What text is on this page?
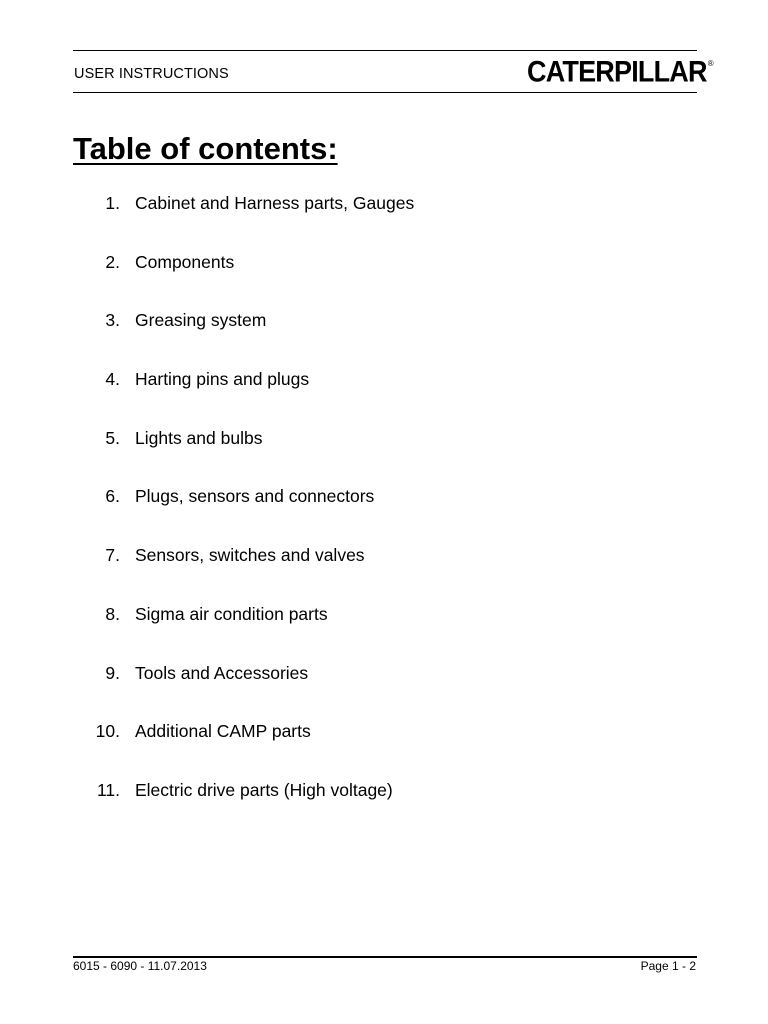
USER INSTRUCTIONS	CATERPILLAR ®
Table of contents:
1. Cabinet and Harness parts, Gauges
2. Components
3. Greasing system
4. Harting pins and plugs
5. Lights and bulbs
6. Plugs, sensors and connectors
7. Sensors, switches and valves
8. Sigma air condition parts
9. Tools and Accessories
10. Additional CAMP parts
11. Electric drive parts (High voltage)
6015 - 6090 - 11.07.2013	Page 1 - 2
